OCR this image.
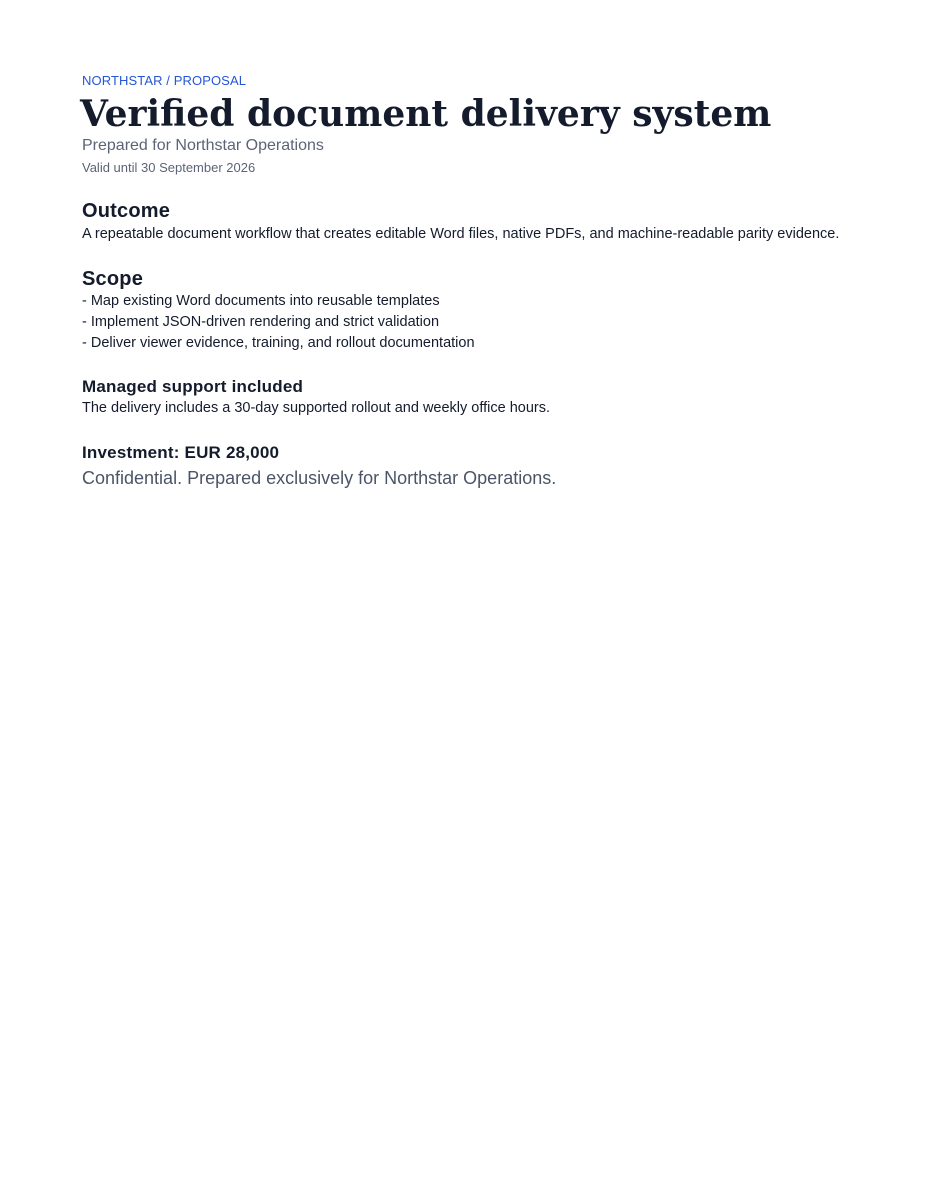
NORTHSTAR / PROPOSAL

Verified document delivery system

Prepared for Northstar Operations

Valid until 30 September 2026

Outcome

A repeatable document workflow that creates editable Word files, native PDFs, and machine-readable parity evidence.

Scope
- Map existing Word documents into reusable templates
- Implement JSON-driven rendering and strict validation
- Deliver viewer evidence, training, and rollout documentation
Managed support included

The delivery includes a 30-day supported rollout and weekly office hours.

Investment: EUR 28,000

Confidential. Prepared exclusively for Northstar Operations.
